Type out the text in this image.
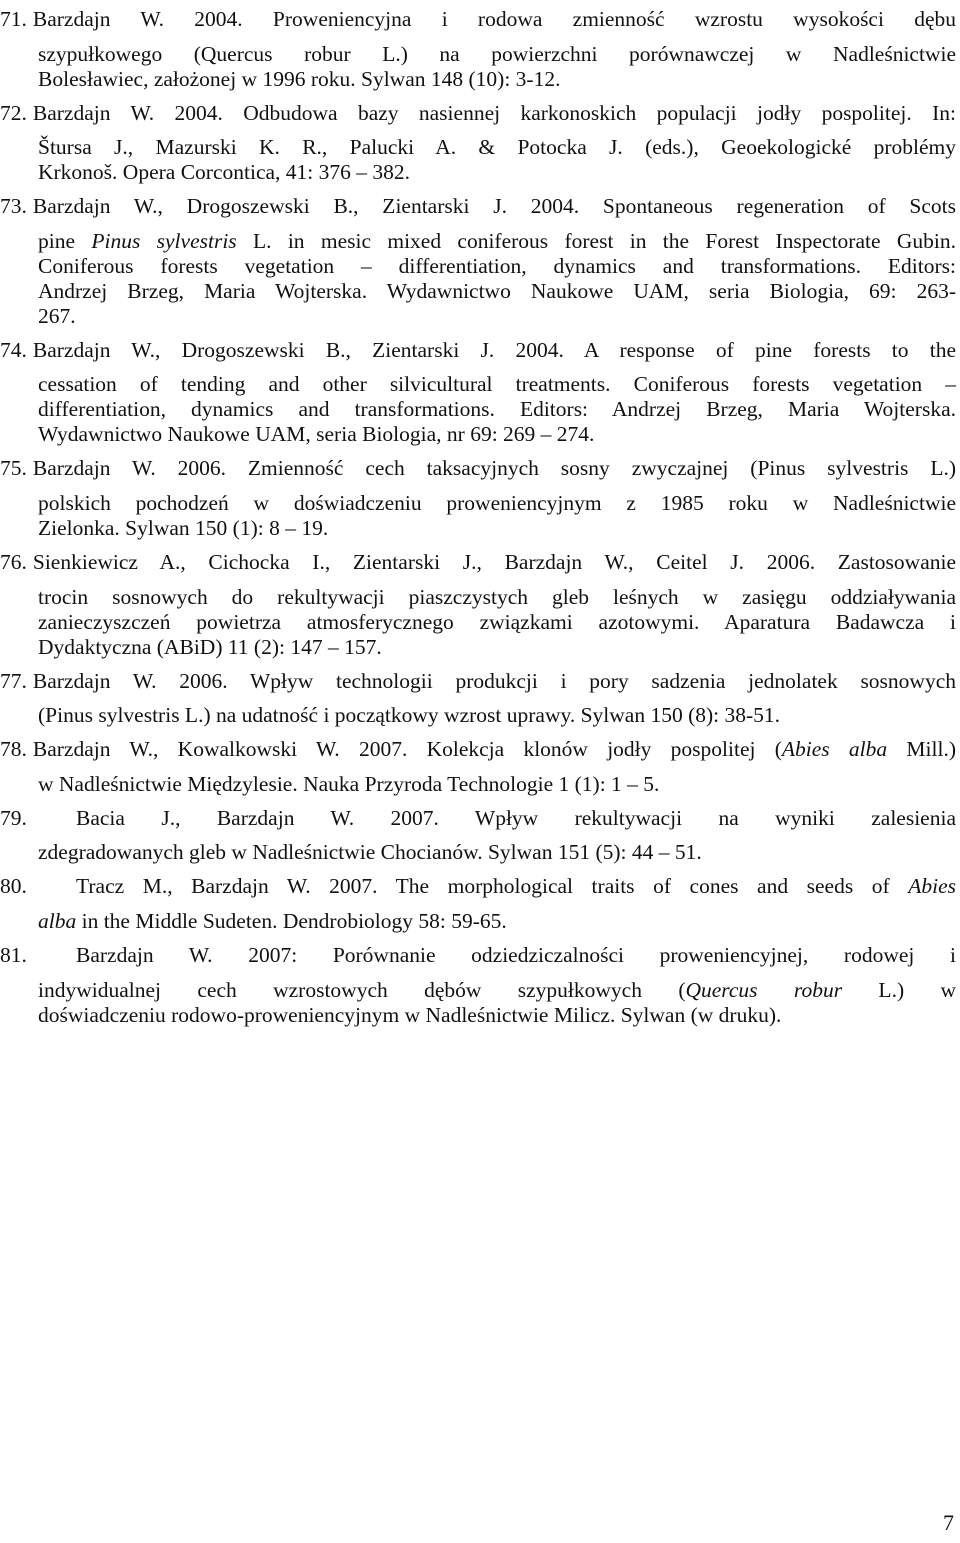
71. Barzdajn W. 2004. Proweniencyjna i rodowa zmienność wzrostu wysokości dębu
szypułkowego (Quercus robur L.) na powierzchni porównawczej w Nadleśnictwie
Bolesławiec, założonej w 1996 roku. Sylwan 148 (10): 3-12.
72. Barzdajn W. 2004. Odbudowa bazy nasiennej karkonoskich populacji jodły pospolitej. In:
Štursa J., Mazurski K. R., Palucki A. & Potocka J. (eds.), Geoekologické problémy
Krkonoš. Opera Corcontica, 41: 376 – 382.
73. Barzdajn W., Drogoszewski B., Zientarski J. 2004. Spontaneous regeneration of Scots
pine Pinus sylvestris L. in mesic mixed coniferous forest in the Forest Inspectorate Gubin.
Coniferous forests vegetation – differentiation, dynamics and transformations. Editors:
Andrzej Brzeg, Maria Wojterska. Wydawnictwo Naukowe UAM, seria Biologia, 69: 263-
267.
74. Barzdajn W., Drogoszewski B., Zientarski J. 2004. A response of pine forests to the
cessation of tending and other silvicultural treatments. Coniferous forests vegetation –
differentiation, dynamics and transformations. Editors: Andrzej Brzeg, Maria Wojterska.
Wydawnictwo Naukowe UAM, seria Biologia, nr 69: 269 – 274.
75. Barzdajn W. 2006. Zmienność cech taksacyjnych sosny zwyczajnej (Pinus sylvestris L.)
polskich pochodzeń w doświadczeniu proweniencyjnym z 1985 roku w Nadleśnictwie
Zielonka. Sylwan 150 (1): 8 – 19.
76. Sienkiewicz A., Cichocka I., Zientarski J., Barzdajn W., Ceitel J. 2006. Zastosowanie
trocin sosnowych do rekultywacji piaszczystych gleb leśnych w zasięgu oddziaływania
zanieczyszczeń powietrza atmosferycznego związkami azotowymi. Aparatura Badawcza i
Dydaktyczna (ABiD) 11 (2): 147 – 157.
77. Barzdajn W. 2006. Wpływ technologii produkcji i pory sadzenia jednolatek sosnowych
(Pinus sylvestris L.) na udatność i początkowy wzrost uprawy. Sylwan 150 (8): 38-51.
78. Barzdajn W., Kowalkowski W. 2007. Kolekcja klonów jodły pospolitej (Abies alba Mill.)
w Nadleśnictwie Międzylesie. Nauka Przyroda Technologie 1 (1): 1 – 5.
79.	Bacia J., Barzdajn W. 2007. Wpływ rekultywacji na wyniki zalesienia
zdegradowanych gleb w Nadleśnictwie Chocianów. Sylwan 151 (5): 44 – 51.
80.	Tracz M., Barzdajn W. 2007. The morphological traits of cones and seeds of Abies
alba in the Middle Sudeten. Dendrobiology 58: 59-65.
81.	Barzdajn W. 2007: Porównanie odziedziczalności proweniencyjnej, rodowej i
indywidualnej cech wzrostowych dębów szypułkowych (Quercus robur L.) w
doświadczeniu rodowo-proweniencyjnym w Nadleśnictwie Milicz. Sylwan (w druku).
7
